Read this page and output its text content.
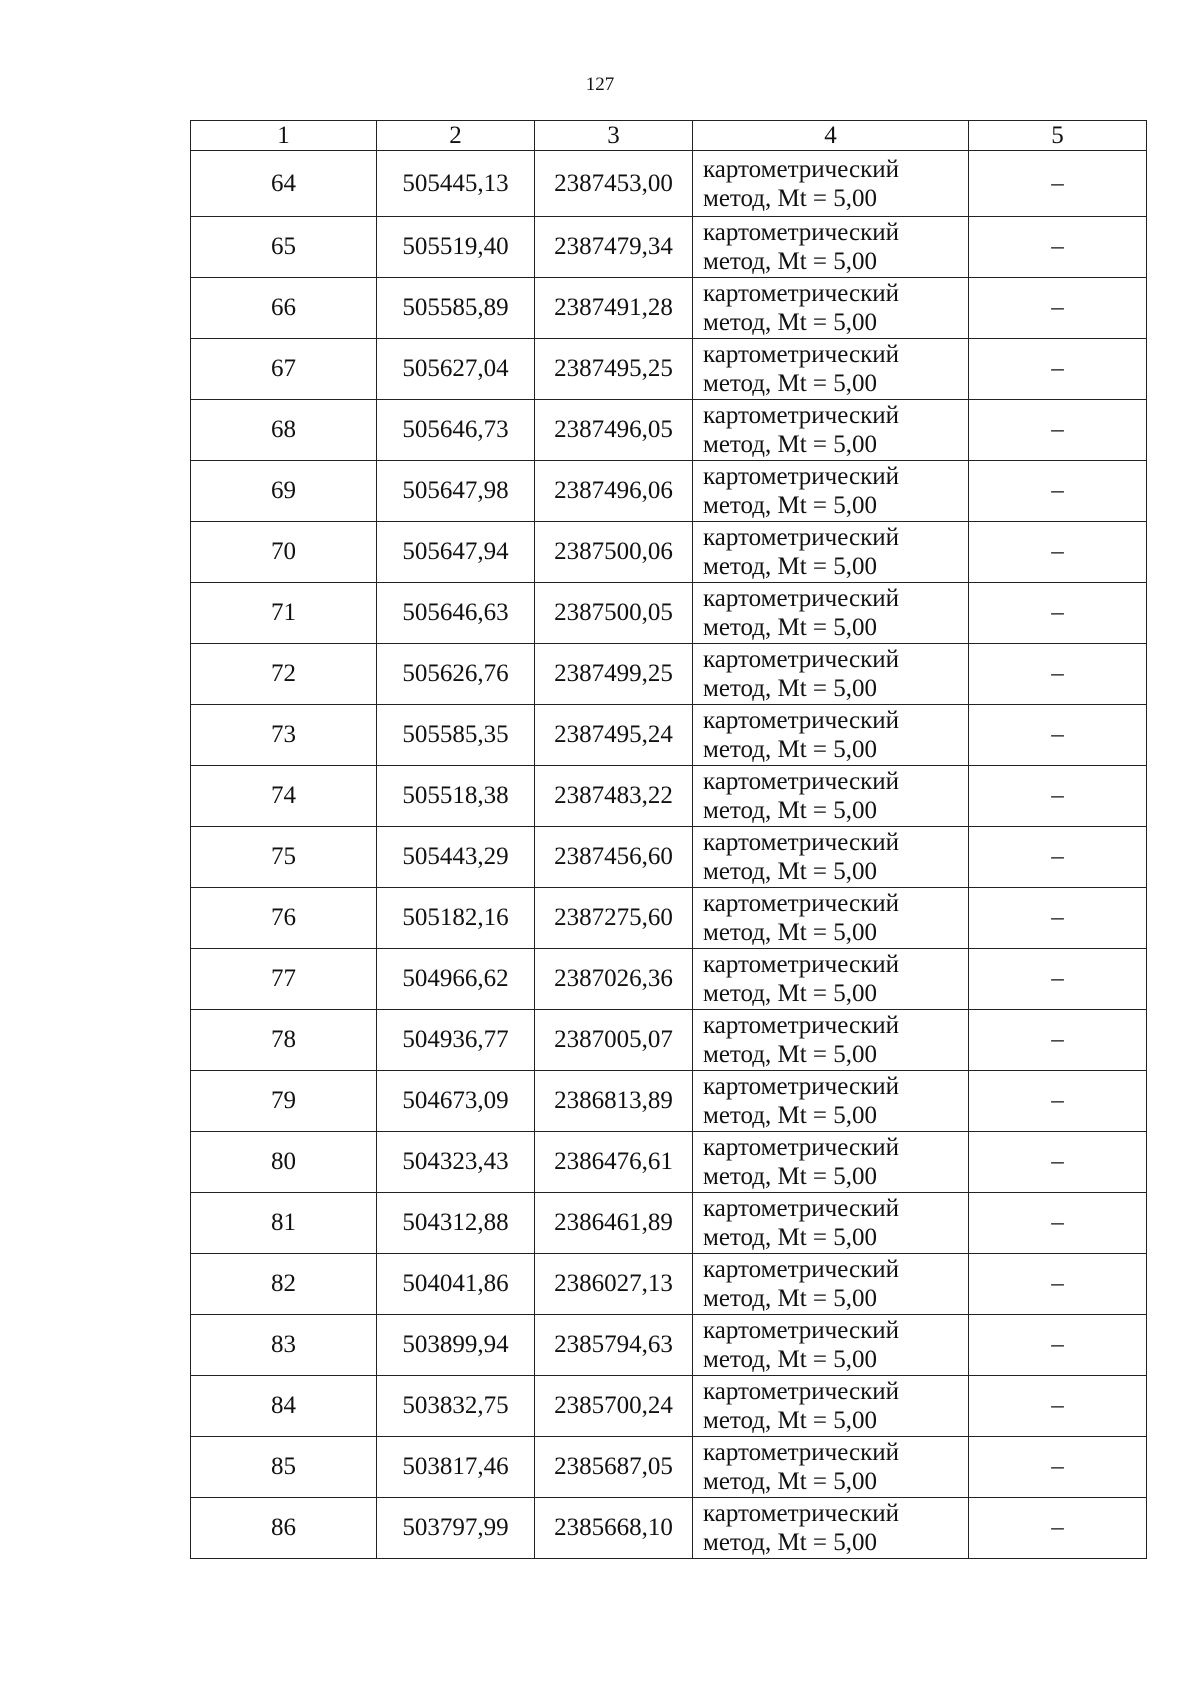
127
1	2	3	4	5
64	505445,13	2387453,00	картометрический
метод, Mt = 5,00	–
65	505519,40	2387479,34	картометрический
метод, Mt = 5,00	–
66	505585,89	2387491,28	картометрический
метод, Mt = 5,00	–
67	505627,04	2387495,25	картометрический
метод, Mt = 5,00	–
68	505646,73	2387496,05	картометрический
метод, Mt = 5,00	–
69	505647,98	2387496,06	картометрический
метод, Mt = 5,00	–
70	505647,94	2387500,06	картометрический
метод, Mt = 5,00	–
71	505646,63	2387500,05	картометрический
метод, Mt = 5,00	–
72	505626,76	2387499,25	картометрический
метод, Mt = 5,00	–
73	505585,35	2387495,24	картометрический
метод, Mt = 5,00	–
74	505518,38	2387483,22	картометрический
метод, Mt = 5,00	–
75	505443,29	2387456,60	картометрический
метод, Mt = 5,00	–
76	505182,16	2387275,60	картометрический
метод, Mt = 5,00	–
77	504966,62	2387026,36	картометрический
метод, Mt = 5,00	–
78	504936,77	2387005,07	картометрический
метод, Mt = 5,00	–
79	504673,09	2386813,89	картометрический
метод, Mt = 5,00	–
80	504323,43	2386476,61	картометрический
метод, Mt = 5,00	–
81	504312,88	2386461,89	картометрический
метод, Mt = 5,00	–
82	504041,86	2386027,13	картометрический
метод, Mt = 5,00	–
83	503899,94	2385794,63	картометрический
метод, Mt = 5,00	–
84	503832,75	2385700,24	картометрический
метод, Mt = 5,00	–
85	503817,46	2385687,05	картометрический
метод, Mt = 5,00	–
86	503797,99	2385668,10	картометрический
метод, Mt = 5,00	–
